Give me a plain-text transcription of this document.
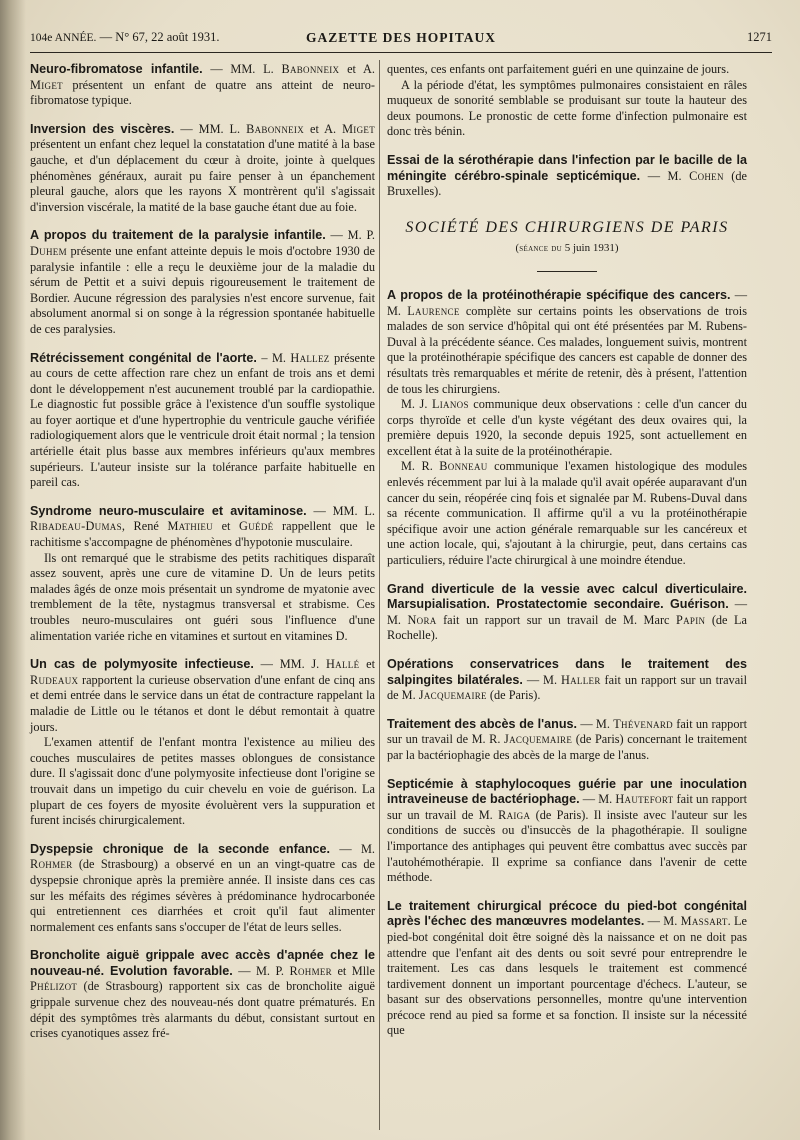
104e ANNÉE. — N° 67, 22 août 1931.	GAZETTE DES HOPITAUX	1271

Neuro-fibromatose infantile. — MM. L. Babonneix et A. Miget présentent un enfant de quatre ans atteint de neuro-fibromatose typique.

Inversion des viscères. — MM. L. Babonneix et A. Miget présentent un enfant chez lequel la constatation d'une matité à la base gauche, et d'un déplacement du cœur à droite, jointe à quelques phénomènes généraux, aurait pu faire penser à un épanchement pleural gauche, alors que les rayons X montrèrent qu'il s'agissait d'inversion viscérale, la matité de la base gauche étant due au foie.

A propos du traitement de la paralysie infantile. — M. P. Duhem présente une enfant atteinte depuis le mois d'octobre 1930 de paralysie infantile : elle a reçu le deuxième jour de la maladie du sérum de Pettit et a suivi depuis rigoureusement le traitement de Bordier. Aucune régression des paralysies n'est encore survenue, fait absolument anormal si on songe à la régression spontanée habituelle de ces paralysies.

Rétrécissement congénital de l'aorte. – M. Hallez présente au cours de cette affection rare chez un enfant de trois ans et demi dont le développement n'est aucunement troublé par la cardiopathie. Le diagnostic fut possible grâce à l'existence d'un souffle systolique au foyer aortique et d'une hypertrophie du ventricule gauche vérifiée radiologiquement alors que le ventricule droit était normal ; la tension artérielle était plus basse aux membres inférieurs qu'aux membres supérieurs. L'auteur insiste sur la tolérance parfaite habituelle en pareil cas.

Syndrome neuro-musculaire et avitaminose. — MM. L. Ribadeau-Dumas, René Mathieu et Guédé rappellent que le rachitisme s'accompagne de phénomènes d'hypotonie musculaire.

Ils ont remarqué que le strabisme des petits rachitiques disparaît assez souvent, après une cure de vitamine D. Un de leurs petits malades âgés de onze mois présentait un syndrome de myatonie avec tremblement de la tête, nystagmus transversal et strabisme. Ces troubles neuro-musculaires ont guéri sous l'influence d'une alimentation variée riche en vitamines et surtout en vitamines D.

Un cas de polymyosite infectieuse. — MM. J. Hallé et Rudeaux rapportent la curieuse observation d'une enfant de cinq ans et demi entrée dans le service dans un état de contracture rappelant la maladie de Little ou le tétanos et dont le début remontait à quatre jours.

L'examen attentif de l'enfant montra l'existence au milieu des couches musculaires de petites masses oblongues de consistance dure. Il s'agissait donc d'une polymyosite infectieuse dont l'origine se trouvait dans un impetigo du cuir chevelu en voie de guérison. La plupart de ces foyers de myosite évoluèrent vers la suppuration et furent incisés chirurgicalement.

Dyspepsie chronique de la seconde enfance. — M. Rohmer (de Strasbourg) a observé en un an vingt-quatre cas de dyspepsie chronique après la première année. Il insiste dans ces cas sur les méfaits des régimes sévères à prédominance hydrocarbonée qui entretiennent ces diarrhées et croit qu'il faut alimenter normalement ces enfants sans s'occuper de l'état de leurs selles.

Broncholite aiguë grippale avec accès d'apnée chez le nouveau-né. Evolution favorable. — M. P. Rohmer et Mlle Phélizot (de Strasbourg) rapportent six cas de broncholite aiguë grippale survenue chez des nouveau-nés dont quatre prématurés. En dépit des symptômes très alarmants du début, consistant surtout en crises cyanotiques assez fré-

quentes, ces enfants ont parfaitement guéri en une quinzaine de jours.

A la période d'état, les symptômes pulmonaires consistaient en râles muqueux de sonorité semblable se produisant sur toute la hauteur des deux poumons. Le pronostic de cette forme d'infection pulmonaire est donc très bénin.

Essai de la sérothérapie dans l'infection par le bacille de la méningite cérébro-spinale septicémique. — M. Cohen (de Bruxelles).

SOCIÉTÉ DES CHIRURGIENS DE PARIS
(séance du 5 juin 1931)

A propos de la protéinothérapie spécifique des cancers. — M. Laurence complète sur certains points les observations de trois malades de son service d'hôpital qui ont été présentées par M. Rubens-Duval à la précédente séance. Ces malades, longuement suivis, montrent que la protéinothérapie spécifique des cancers est capable de donner des résultats très remarquables et mérite de retenir, dès à présent, l'attention de tous les chirurgiens.

M. J. Lianos communique deux observations : celle d'un cancer du corps thyroïde et celle d'un kyste végétant des deux ovaires qui, la première depuis 1920, la seconde depuis 1925, sont actuellement en excellent état à la suite de la protéinothérapie.

M. R. Bonneau communique l'examen histologique des modules enlevés récemment par lui à la malade qu'il avait opérée auparavant d'un cancer du sein, réopérée cinq fois et signalée par M. Rubens-Duval dans sa récente communication. Il affirme qu'il a vu la protéinothérapie spécifique avoir une action générale remarquable sur les cancéreux et une action locale, qui, s'ajoutant à la chirurgie, peut, dans certains cas particuliers, réduire l'acte chirurgical à une moindre étendue.

Grand diverticule de la vessie avec calcul diverticulaire. Marsupialisation. Prostatectomie secondaire. Guérison. — M. Nora fait un rapport sur un travail de M. Marc Papin (de La Rochelle).

Opérations conservatrices dans le traitement des salpingites bilatérales. — M. Haller fait un rapport sur un travail de M. Jacquemaire (de Paris).

Traitement des abcès de l'anus. — M. Thévenard fait un rapport sur un travail de M. R. Jacquemaire (de Paris) concernant le traitement par la bactériophagie des abcès de la marge de l'anus.

Septicémie à staphylocoques guérie par une inoculation intraveineuse de bactériophage. — M. Hautefort fait un rapport sur un travail de M. Raiga (de Paris). Il insiste avec l'auteur sur les conditions de succès ou d'insuccès de la phagothérapie. Il souligne l'importance des antiphages qui peuvent être combattus avec succès par l'autohémothérapie. Il exprime sa confiance dans l'avenir de cette méthode.

Le traitement chirurgical précoce du pied-bot congénital après l'échec des manœuvres modelantes. — M. Massart. Le pied-bot congénital doit être soigné dès la naissance et on ne doit pas attendre que l'enfant ait des dents ou soit sevré pour entreprendre le traitement. Les cas dans lesquels le traitement est commencé tardivement donnent un important pourcentage d'échecs. L'auteur, se basant sur des observations personnelles, montre qu'une intervention précoce rend au pied sa forme et sa fonction. Il insiste sur la nécessité que
